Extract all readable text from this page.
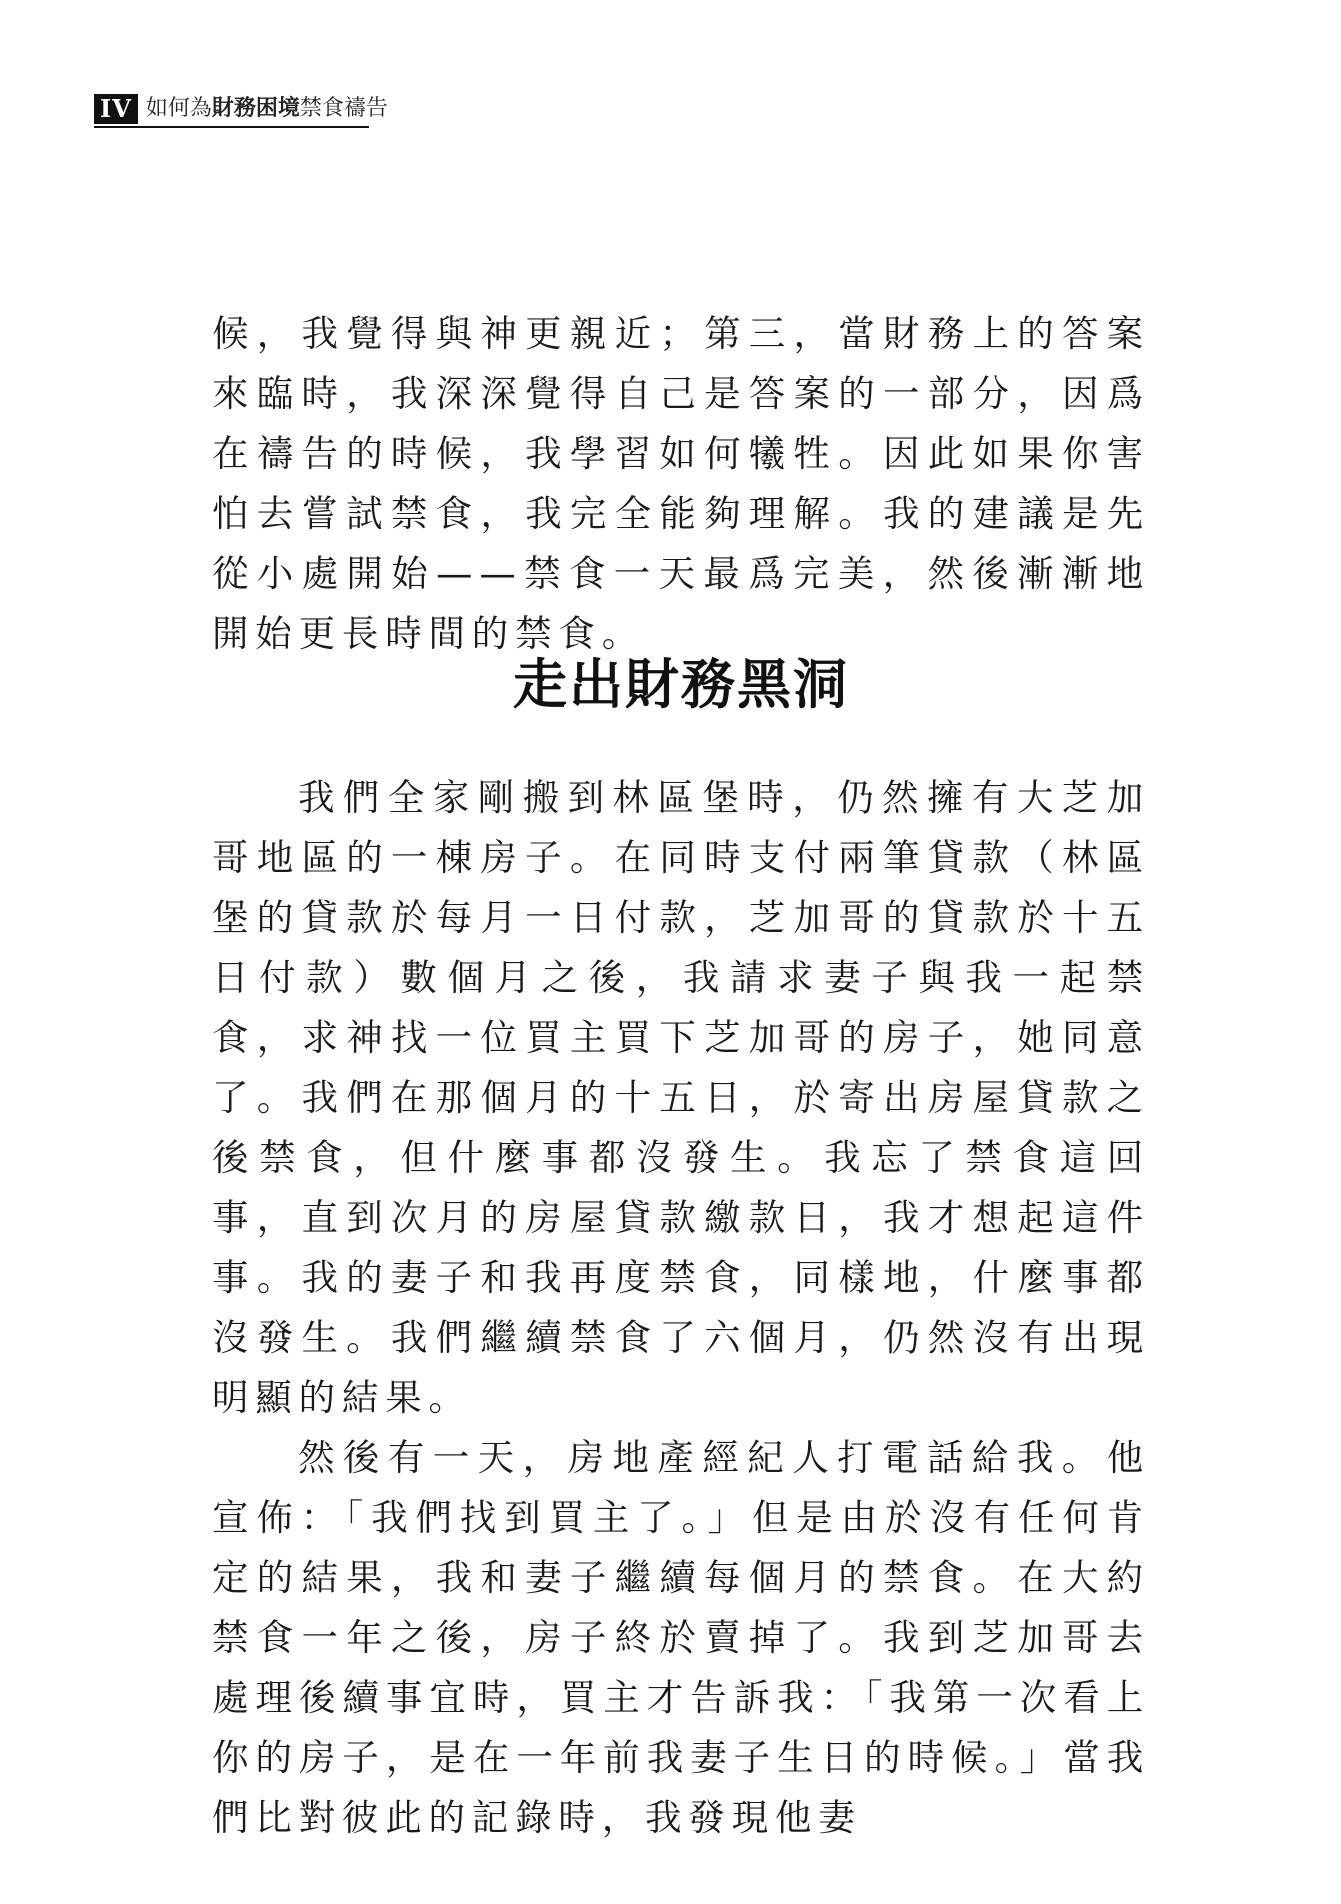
IV 如何為財務困境禁食禱告

候，我覺得與神更親近；第三，當財務上的答案來臨時，我深深覺得自己是答案的一部分，因爲在禱告的時候，我學習如何犧牲。因此如果你害怕去嘗試禁食，我完全能夠理解。我的建議是先從小處開始——禁食一天最爲完美，然後漸漸地開始更長時間的禁食。

走出財務黑洞

我們全家剛搬到林區堡時，仍然擁有大芝加哥地區的一棟房子。在同時支付兩筆貸款（林區堡的貸款於每月一日付款，芝加哥的貸款於十五日付款）數個月之後，我請求妻子與我一起禁食，求神找一位買主買下芝加哥的房子，她同意了。我們在那個月的十五日，於寄出房屋貸款之後禁食，但什麼事都沒發生。我忘了禁食這回事，直到次月的房屋貸款繳款日，我才想起這件事。我的妻子和我再度禁食，同樣地，什麼事都沒發生。我們繼續禁食了六個月，仍然沒有出現明顯的結果。

然後有一天，房地產經紀人打電話給我。他宣佈：「我們找到買主了。」但是由於沒有任何肯定的結果，我和妻子繼續每個月的禁食。在大約禁食一年之後，房子終於賣掉了。我到芝加哥去處理後續事宜時，買主才告訴我：「我第一次看上你的房子，是在一年前我妻子生日的時候。」當我們比對彼此的記錄時，我發現他妻
